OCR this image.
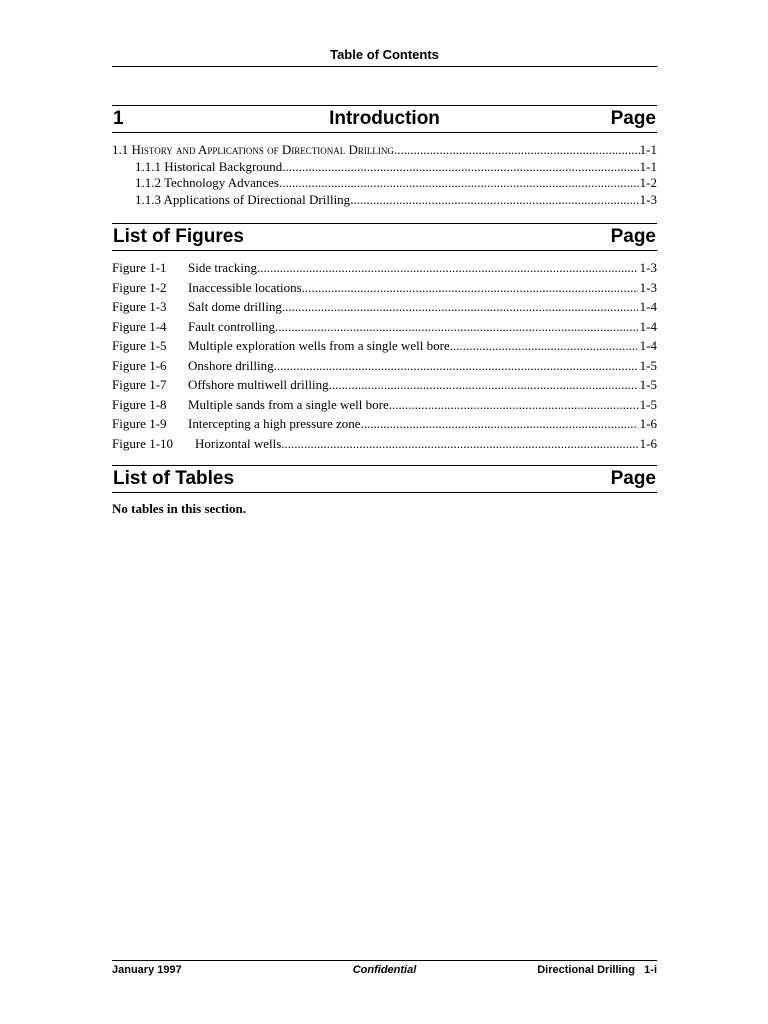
Table of Contents
1	Introduction	Page
1.1 History and Applications of Directional Drilling .....	1-1
1.1.1 Historical Background .....	1-1
1.1.2 Technology Advances .....	1-2
1.1.3 Applications of Directional Drilling .....	1-3
List of Figures	Page
Figure 1-1	Side tracking .....	1-3
Figure 1-2	Inaccessible locations .....	1-3
Figure 1-3	Salt dome drilling. .....	1-4
Figure 1-4	Fault controlling. .....	1-4
Figure 1-5	Multiple exploration wells from a single well bore. .....	1-4
Figure 1-6	Onshore drilling. .....	1-5
Figure 1-7	Offshore multiwell drilling. .....	1-5
Figure 1-8	Multiple sands from a single well bore. .....	1-5
Figure 1-9	Intercepting a high pressure zone. .....	1-6
Figure 1-10	Horizontal wells. .....	1-6
List of Tables	Page
No tables in this section.
January 1997	Confidential	Directional Drilling   1-i
